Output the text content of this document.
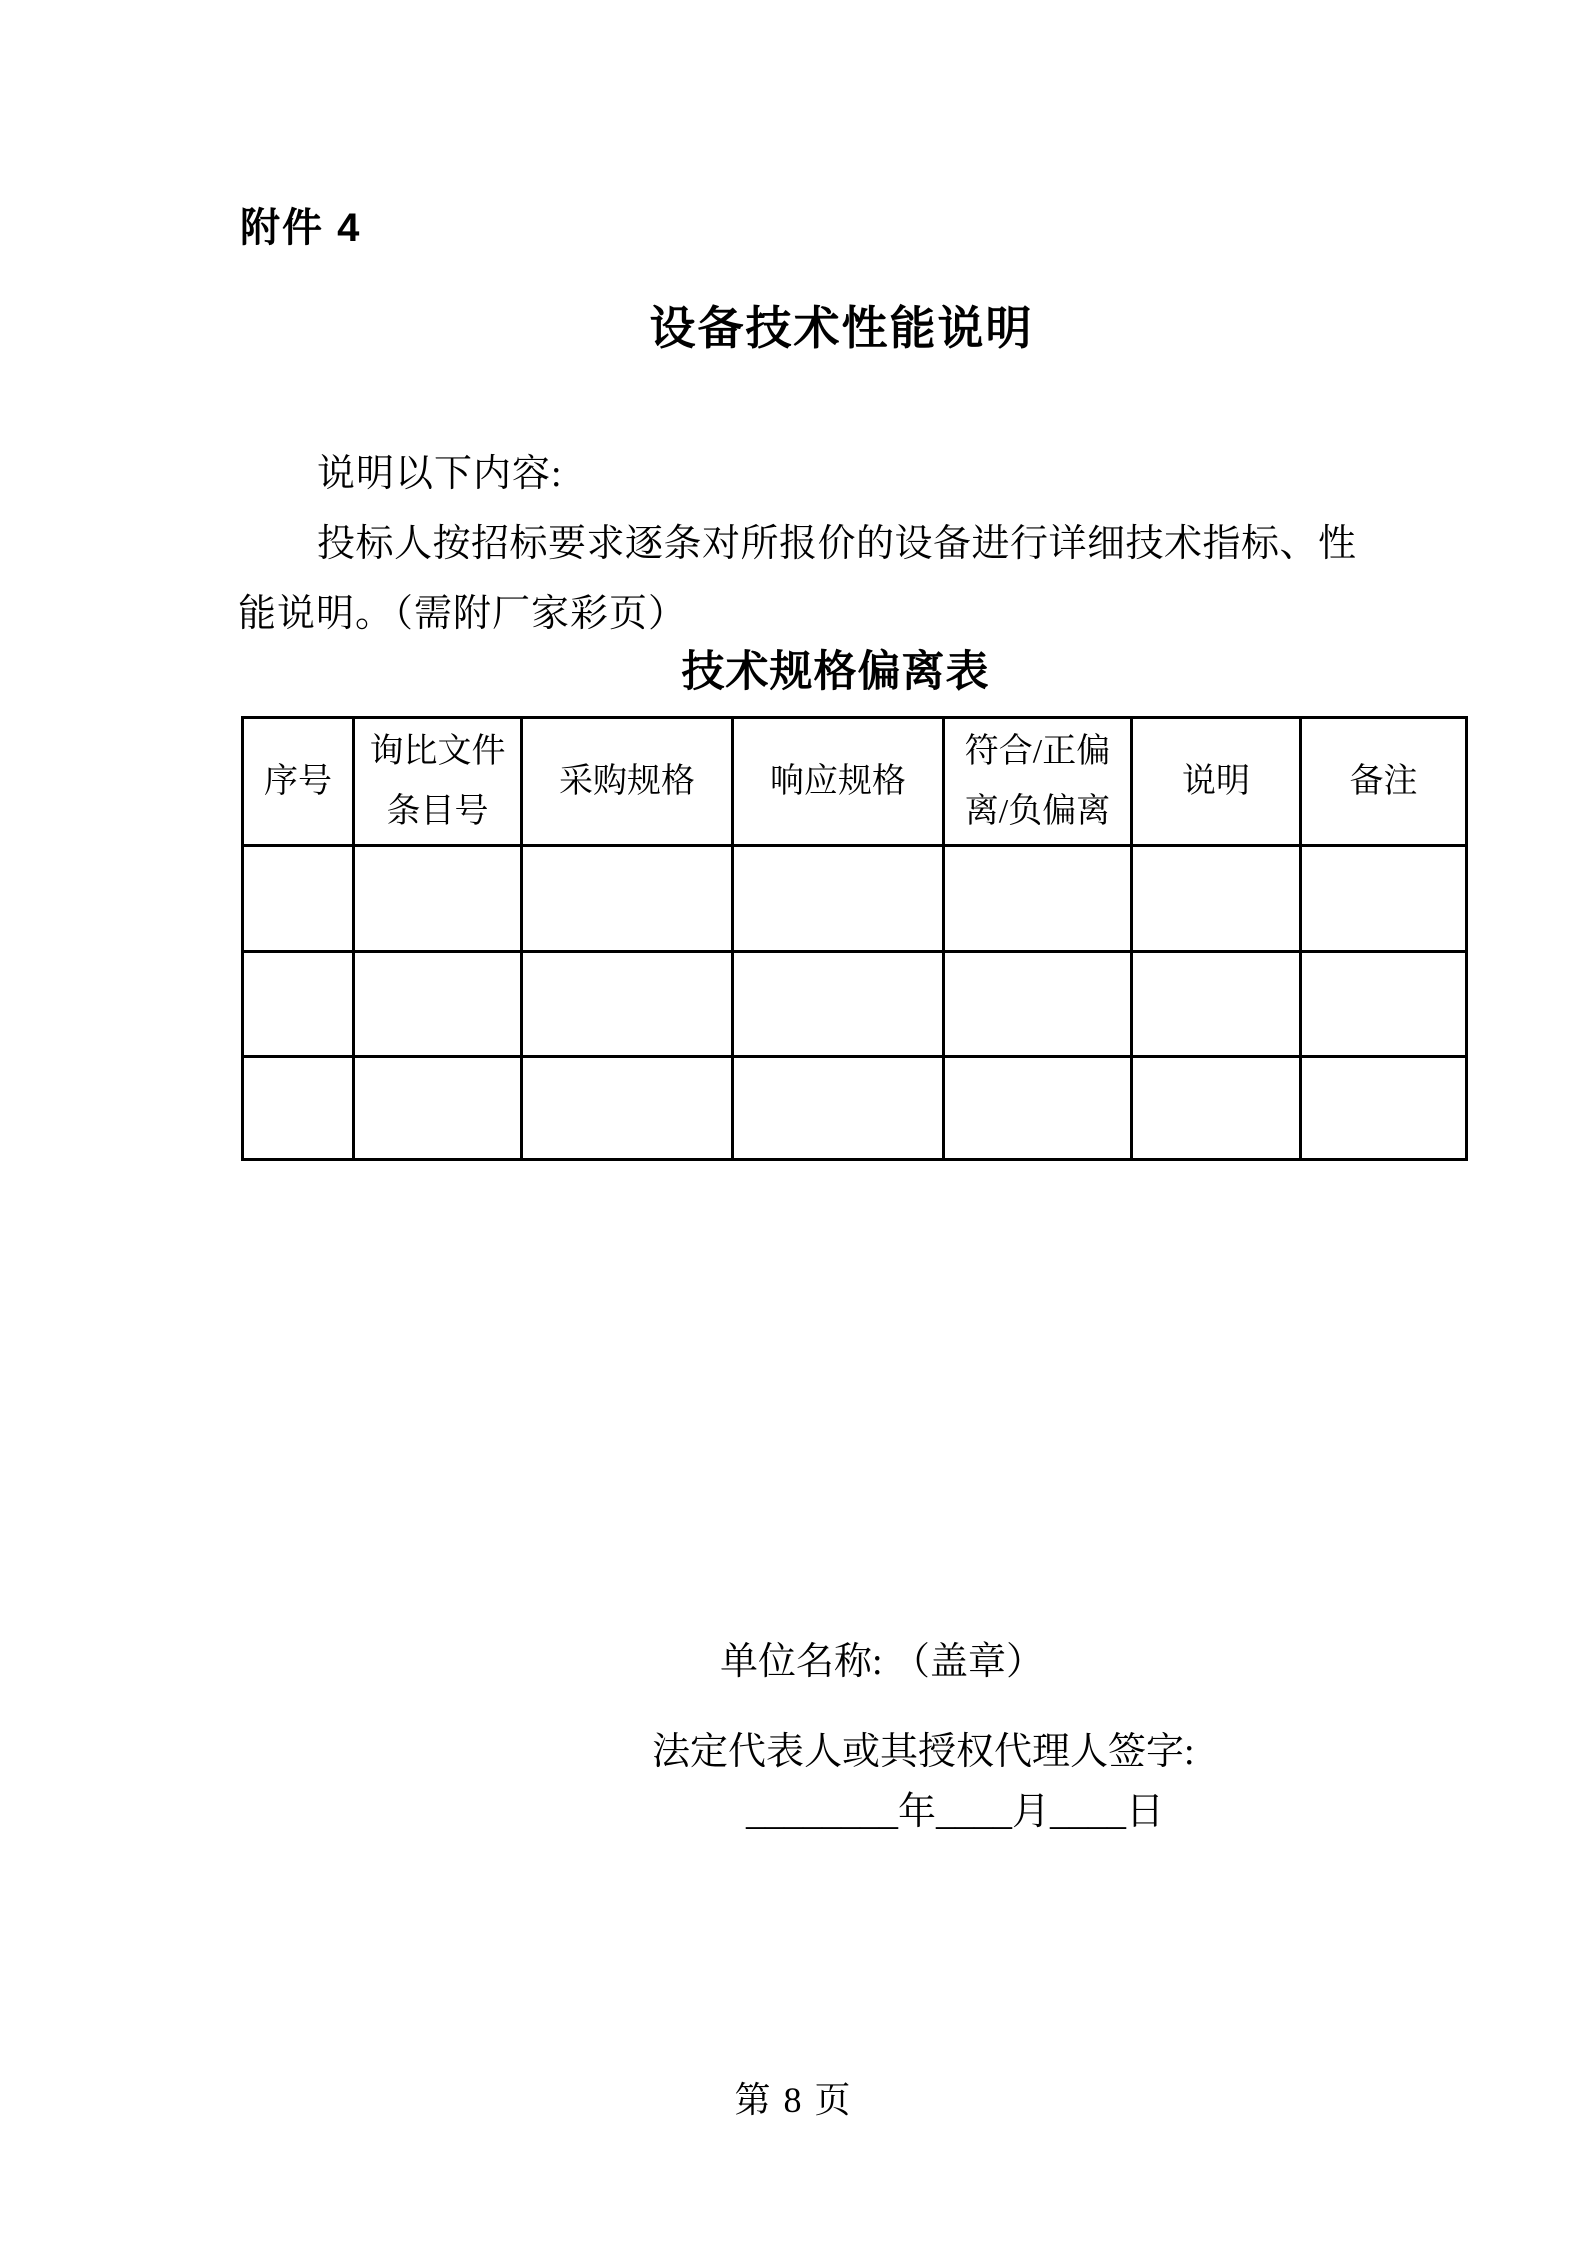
附件 4
设备技术性能说明
说明以下内容:
投标人按招标要求逐条对所报价的设备进行详细技术指标、性
能说明。（需附厂家彩页）
技术规格偏离表
序号	询比文件条目号	采购规格	响应规格	符合/正偏离/负偏离	说明	备注

单位名称: （盖章）
法定代表人或其授权代理人签字:
________年____月____日
第 8 页
